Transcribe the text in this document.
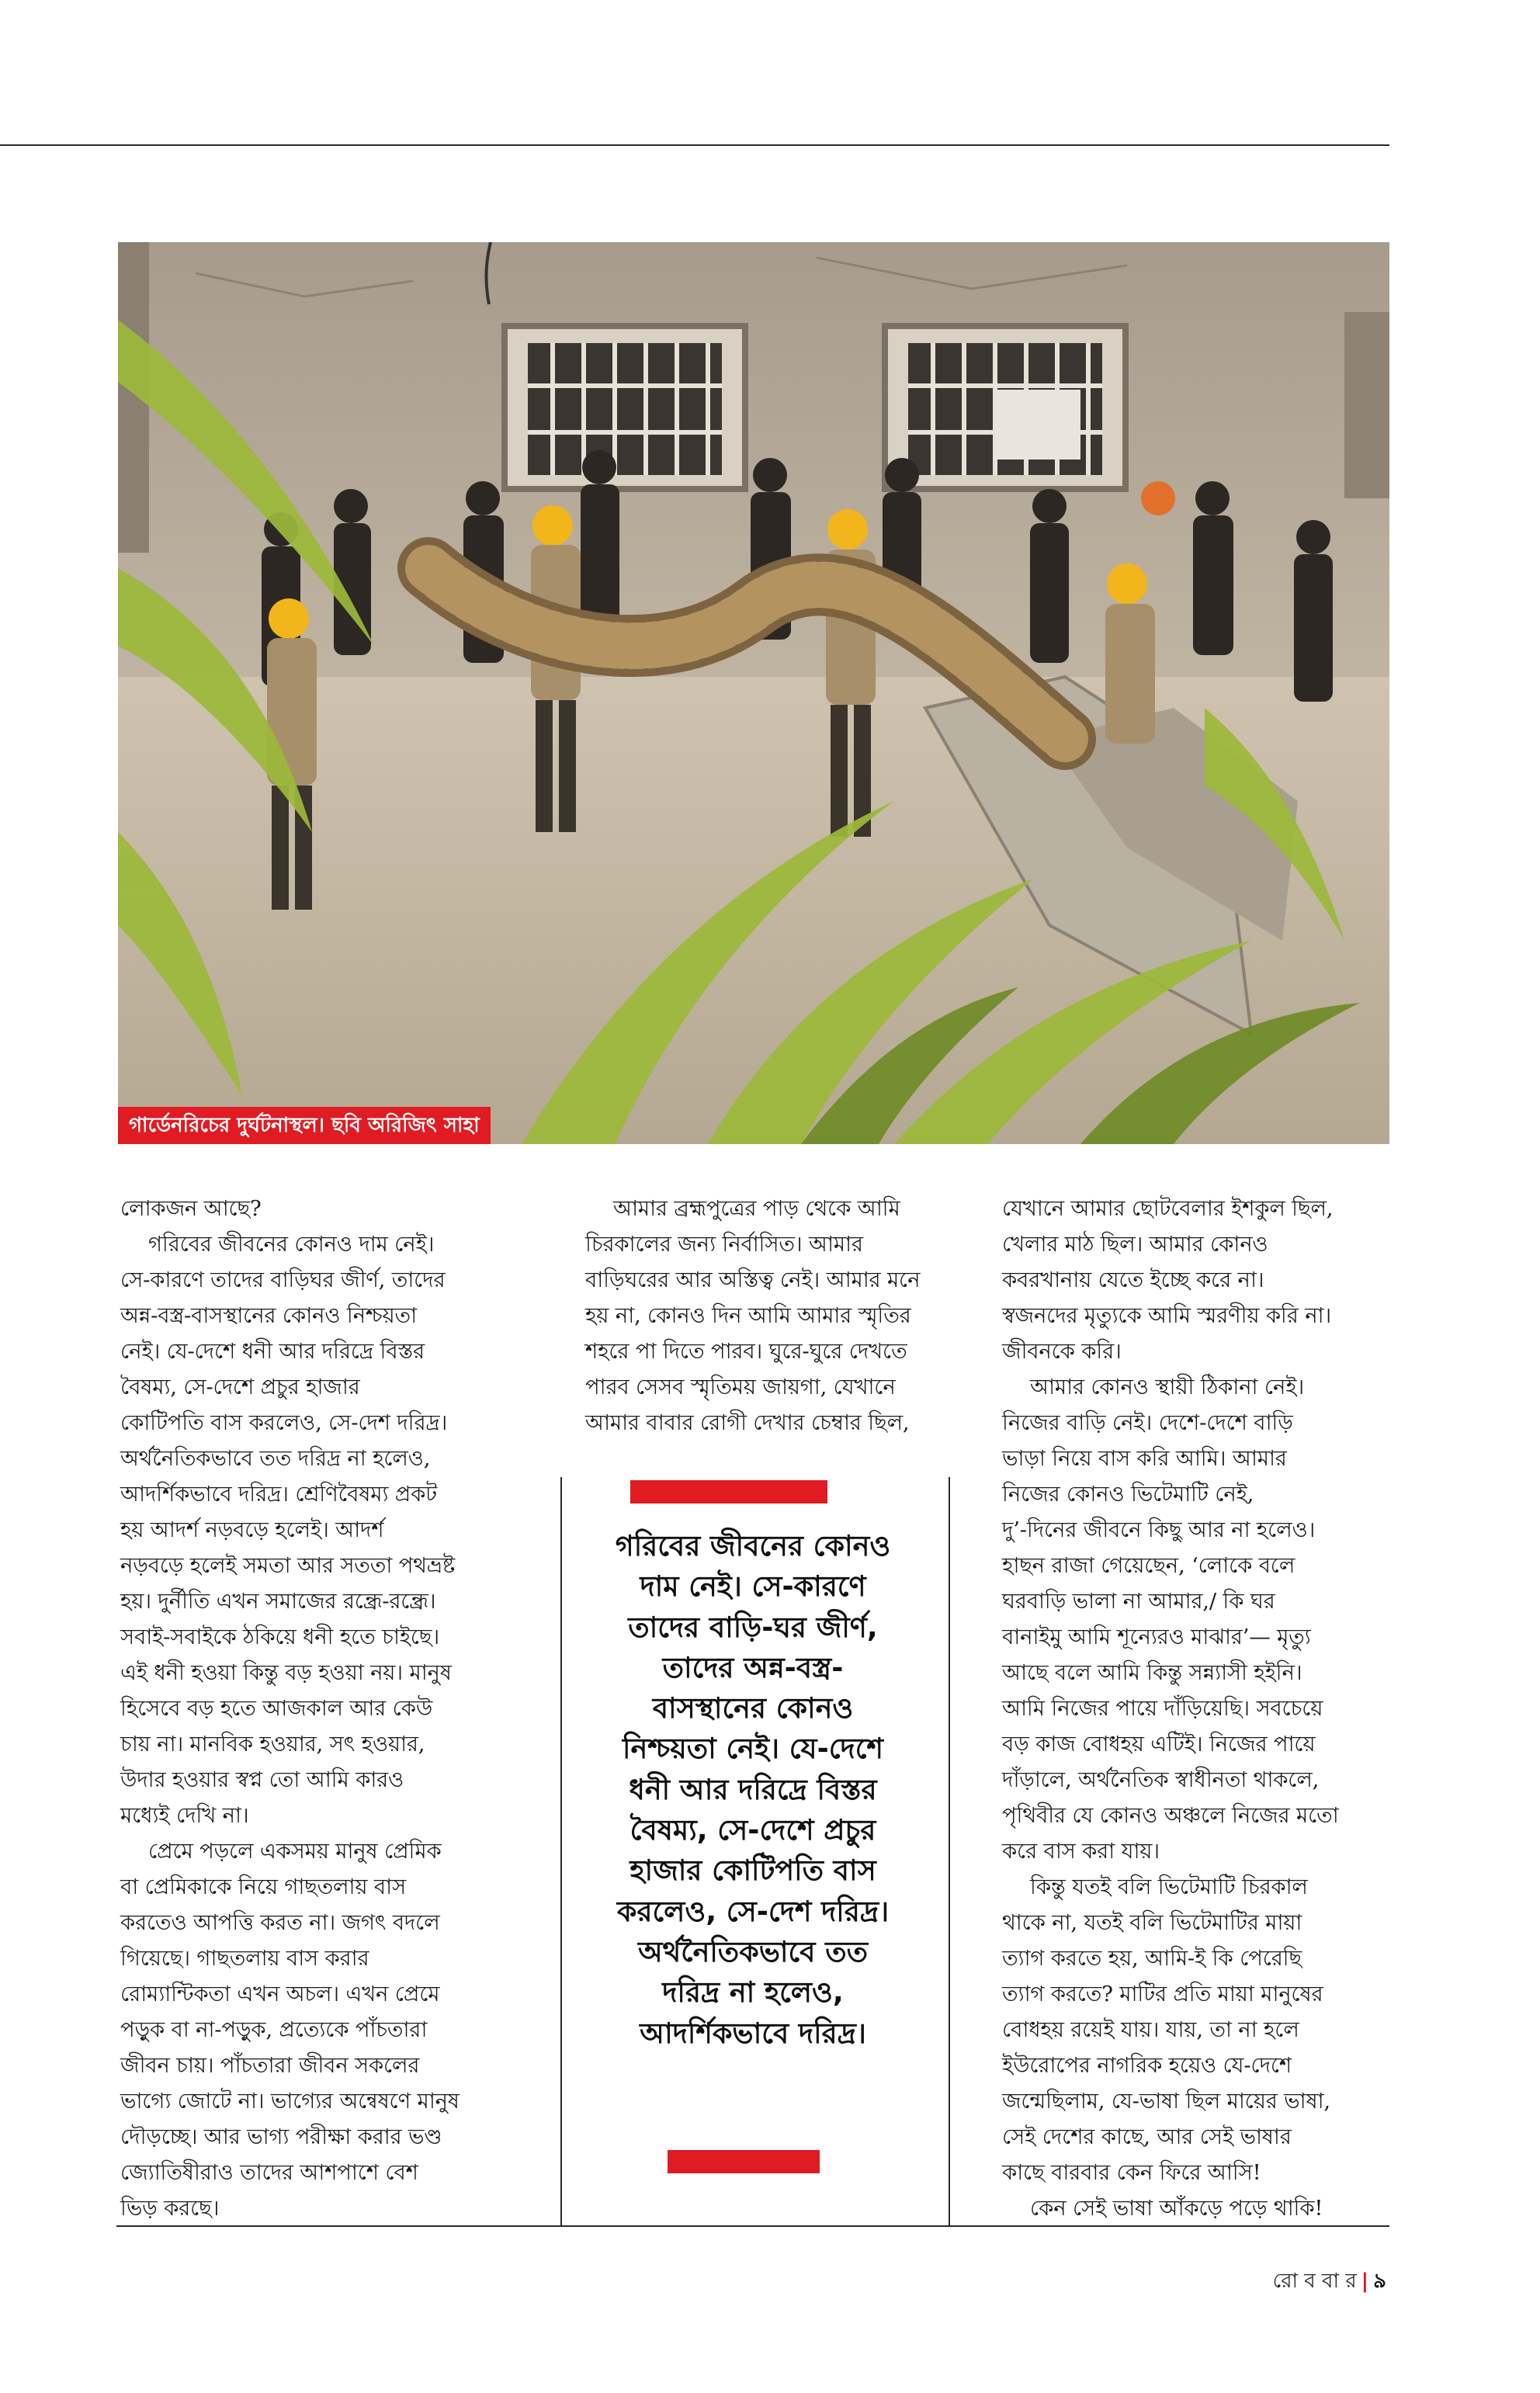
গার্ডেনরিচের দুর্ঘটনাস্থল। ছবি অরিজিৎ সাহা

লোকজন আছে?

গরিবের জীবনের কোনও দাম নেই।

সে-কারণে তাদের বাড়িঘর জীর্ণ, তাদের

অন্ন-বস্ত্র-বাসস্থানের কোনও নিশ্চয়তা

নেই। যে-দেশে ধনী আর দরিদ্রে বিস্তর

বৈষম্য, সে-দেশে প্রচুর হাজার

কোটিপতি বাস করলেও, সে-দেশ দরিদ্র।

অর্থনৈতিকভাবে তত দরিদ্র না হলেও,

আদর্শিকভাবে দরিদ্র। শ্রেণিবৈষম্য প্রকট

হয় আদর্শ নড়বড়ে হলেই। আদর্শ

নড়বড়ে হলেই সমতা আর সততা পথভ্রষ্ট

হয়। দুর্নীতি এখন সমাজের রন্ধ্রে-রন্ধ্রে।

সবাই-সবাইকে ঠকিয়ে ধনী হতে চাইছে।

এই ধনী হওয়া কিন্তু বড় হওয়া নয়। মানুষ

হিসেবে বড় হতে আজকাল আর কেউ

চায় না। মানবিক হওয়ার, সৎ হওয়ার,

উদার হওয়ার স্বপ্ন তো আমি কারও

মধ্যেই দেখি না।

প্রেমে পড়লে একসময় মানুষ প্রেমিক

বা প্রেমিকাকে নিয়ে গাছতলায় বাস

করতেও আপত্তি করত না। জগৎ বদলে

গিয়েছে। গাছতলায় বাস করার

রোম্যান্টিকতা এখন অচল। এখন প্রেমে

পড়ুক বা না-পড়ুক, প্রত্যেকে পাঁচতারা

জীবন চায়। পাঁচতারা জীবন সকলের

ভাগ্যে জোটে না। ভাগ্যের অন্বেষণে মানুষ

দৌড়চ্ছে। আর ভাগ্য পরীক্ষা করার ভণ্ড

জ্যোতিষীরাও তাদের আশপাশে বেশ

ভিড় করছে।

আমার ব্রহ্মপুত্রের পাড় থেকে আমি

চিরকালের জন্য নির্বাসিত। আমার

বাড়িঘরের আর অস্তিত্ব নেই। আমার মনে

হয় না, কোনও দিন আমি আমার স্মৃতির

শহরে পা দিতে পারব। ঘুরে-ঘুরে দেখতে

পারব সেসব স্মৃতিময় জায়গা, যেখানে

আমার বাবার রোগী দেখার চেম্বার ছিল,

যেখানে আমার ছোটবেলার ইশকুল ছিল,

খেলার মাঠ ছিল। আমার কোনও

কবরখানায় যেতে ইচ্ছে করে না।

স্বজনদের মৃত্যুকে আমি স্মরণীয় করি না।

জীবনকে করি।

আমার কোনও স্থায়ী ঠিকানা নেই।

নিজের বাড়ি নেই। দেশে-দেশে বাড়ি

ভাড়া নিয়ে বাস করি আমি। আমার

নিজের কোনও ভিটেমাটি নেই,

দু’-দিনের জীবনে কিছু আর না হলেও।

হাছন রাজা গেয়েছেন, ‘লোকে বলে

ঘরবাড়ি ভালা না আমার,/ কি ঘর

বানাইমু আমি শূন্যেরও মাঝার’— মৃত্যু

আছে বলে আমি কিন্তু সন্ন্যাসী হইনি।

আমি নিজের পায়ে দাঁড়িয়েছি। সবচেয়ে

বড় কাজ বোধহয় এটিই। নিজের পায়ে

দাঁড়ালে, অর্থনৈতিক স্বাধীনতা থাকলে,

পৃথিবীর যে কোনও অঞ্চলে নিজের মতো

করে বাস করা যায়।

কিন্তু যতই বলি ভিটেমাটি চিরকাল

থাকে না, যতই বলি ভিটেমাটির মায়া

ত্যাগ করতে হয়, আমি-ই কি পেরেছি

ত্যাগ করতে? মাটির প্রতি মায়া মানুষের

বোধহয় রয়েই যায়। যায়, তা না হলে

ইউরোপের নাগরিক হয়েও যে-দেশে

জন্মেছিলাম, যে-ভাষা ছিল মায়ের ভাষা,

সেই দেশের কাছে, আর সেই ভাষার

কাছে বারবার কেন ফিরে আসি!

কেন সেই ভাষা আঁকড়ে পড়ে থাকি!

গরিবের জীবনের কোনও

দাম নেই। সে-কারণে

তাদের বাড়ি-ঘর জীর্ণ,

তাদের অন্ন-বস্ত্র-

বাসস্থানের কোনও

নিশ্চয়তা নেই। যে-দেশে

ধনী আর দরিদ্রে বিস্তর

বৈষম্য, সে-দেশে প্রচুর

হাজার কোটিপতি বাস

করলেও, সে-দেশ দরিদ্র।

অর্থনৈতিকভাবে তত

দরিদ্র না হলেও,

আদর্শিকভাবে দরিদ্র।

রো ব বা র | ৯
